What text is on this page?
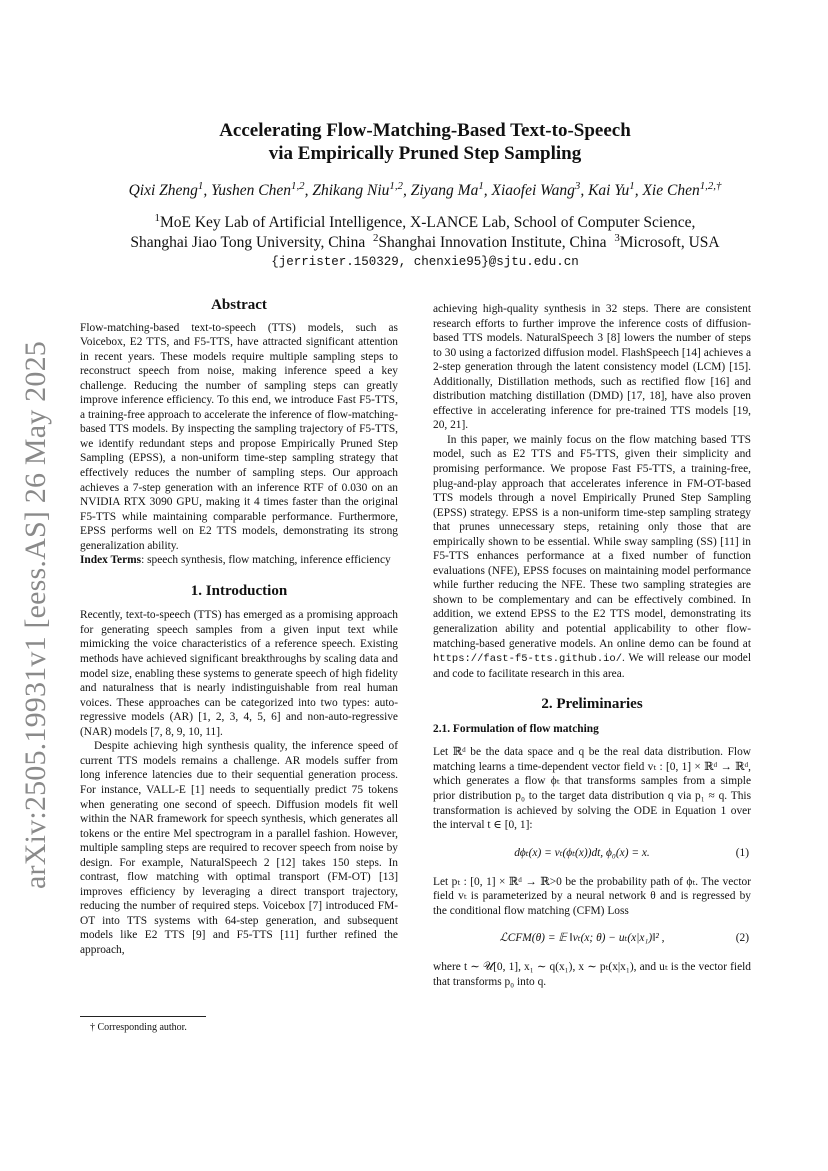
arXiv:2505.19931v1 [eess.AS] 26 May 2025
Accelerating Flow-Matching-Based Text-to-Speech
via Empirically Pruned Step Sampling
Qixi Zheng$^1$, Yushen Chen$^{1,2}$, Zhikang Niu$^{1,2}$, Ziyang Ma$^1$, Xiaofei Wang$^3$, Kai Yu$^1$, Xie Chen$^{1,2,\dagger}$
$^1$MoE Key Lab of Artificial Intelligence, X-LANCE Lab, School of Computer Science,
Shanghai Jiao Tong University, China $^2$Shanghai Innovation Institute, China $^3$Microsoft, USA
{jerrister.150329, chenxie95}@sjtu.edu.cn
Abstract

Flow-matching-based text-to-speech (TTS) models, such as Voicebox, E2 TTS, and F5-TTS, have attracted significant attention in recent years. These models require multiple sampling steps to reconstruct speech from noise, making inference speed a key challenge. Reducing the number of sampling steps can greatly improve inference efficiency. To this end, we introduce Fast F5-TTS, a training-free approach to accelerate the inference of flow-matching-based TTS models. By inspecting the sampling trajectory of F5-TTS, we identify redundant steps and propose Empirically Pruned Step Sampling (EPSS), a non-uniform time-step sampling strategy that effectively reduces the number of sampling steps. Our approach achieves a 7-step generation with an inference RTF of 0.030 on an NVIDIA RTX 3090 GPU, making it 4 times faster than the original F5-TTS while maintaining comparable performance. Furthermore, EPSS performs well on E2 TTS models, demonstrating its strong generalization ability.

Index Terms: speech synthesis, flow matching, inference efficiency

1. Introduction

Recently, text-to-speech (TTS) has emerged as a promising approach for generating speech samples from a given input text while mimicking the voice characteristics of a reference speech. Existing methods have achieved significant breakthroughs by scaling data and model size, enabling these systems to generate speech of high fidelity and naturalness that is nearly indistinguishable from real human voices. These approaches can be categorized into two types: auto-regressive models (AR) [1, 2, 3, 4, 5, 6] and non-auto-regressive (NAR) models [7, 8, 9, 10, 11].

Despite achieving high synthesis quality, the inference speed of current TTS models remains a challenge. AR models suffer from long inference latencies due to their sequential generation process. For instance, VALL-E [1] needs to sequentially predict 75 tokens when generating one second of speech. Diffusion models fit well within the NAR framework for speech synthesis, which generates all tokens or the entire Mel spectrogram in a parallel fashion. However, multiple sampling steps are required to recover speech from noise by design. For example, NaturalSpeech 2 [12] takes 150 steps. In contrast, flow matching with optimal transport (FM-OT) [13] improves efficiency by leveraging a direct transport trajectory, reducing the number of required steps. Voicebox [7] introduced FM-OT into TTS systems with 64-step generation, and subsequent models like E2 TTS [9] and F5-TTS [11] further refined the approach,

achieving high-quality synthesis in 32 steps. There are consistent research efforts to further improve the inference costs of diffusion-based TTS models. NaturalSpeech 3 [8] lowers the number of steps to 30 using a factorized diffusion model. FlashSpeech [14] achieves a 2-step generation through the latent consistency model (LCM) [15]. Additionally, Distillation methods, such as rectified flow [16] and distribution matching distillation (DMD) [17, 18], have also proven effective in accelerating inference for pre-trained TTS models [19, 20, 21].

In this paper, we mainly focus on the flow matching based TTS model, such as E2 TTS and F5-TTS, given their simplicity and promising performance. We propose Fast F5-TTS, a training-free, plug-and-play approach that accelerates inference in FM-OT-based TTS models through a novel Empirically Pruned Step Sampling (EPSS) strategy. EPSS is a non-uniform time-step sampling strategy that prunes unnecessary steps, retaining only those that are empirically shown to be essential. While sway sampling (SS) [11] in F5-TTS enhances performance at a fixed number of function evaluations (NFE), EPSS focuses on maintaining model performance while further reducing the NFE. These two sampling strategies are shown to be complementary and can be effectively combined. In addition, we extend EPSS to the E2 TTS model, demonstrating its generalization ability and potential applicability to other flow-matching-based generative models. An online demo can be found at https://fast-f5-tts.github.io/. We will release our model and code to facilitate research in this area.

2. Preliminaries
2.1. Formulation of flow matching

Let ℝᵈ be the data space and q be the real data distribution. Flow matching learns a time-dependent vector field vₜ : [0, 1] × ℝᵈ → ℝᵈ, which generates a flow ϕₜ that transforms samples from a simple prior distribution p₀ to the target data distribution q via p₁ ≈ q. This transformation is achieved by solving the ODE in Equation 1 over the interval t ∈ [0, 1]:

dϕₜ(x) = vₜ(ϕₜ(x))dt, ϕ₀(x) = x.	(1)

Let pₜ : [0, 1] × ℝᵈ → ℝ>0 be the probability path of ϕₜ. The vector field vₜ is parameterized by a neural network θ and is regressed by the conditional flow matching (CFM) Loss

ℒCFM(θ) = 𝔼 ‖vₜ(x; θ) − uₜ(x|x₁)‖² ,	(2)

where t ∼ 𝒰[0, 1], x₁ ∼ q(x₁), x ∼ pₜ(x|x₁), and uₜ is the vector field that transforms p₀ into q.

† Corresponding author.
